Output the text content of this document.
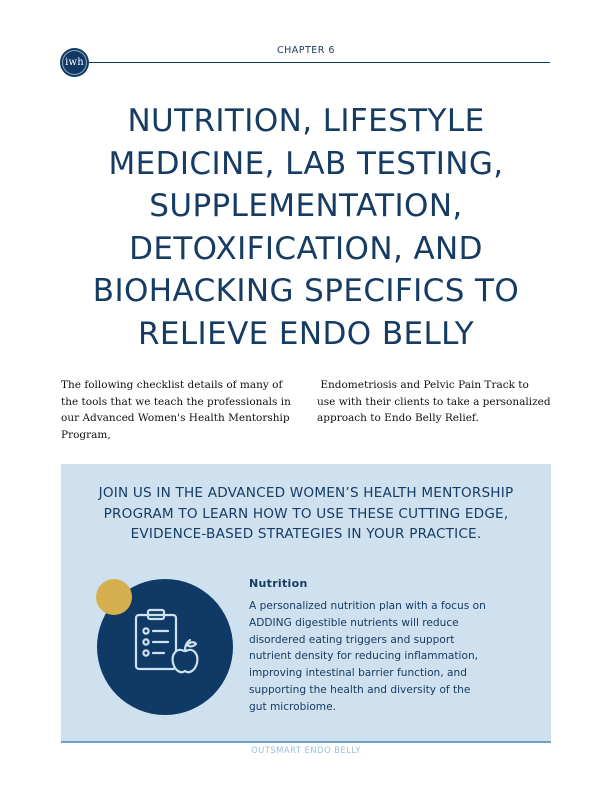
iwh
CHAPTER 6
NUTRITION, LIFESTYLE
MEDICINE, LAB TESTING,
SUPPLEMENTATION,
DETOXIFICATION, AND
BIOHACKING SPECIFICS TO
RELIEVE ENDO BELLY

The following checklist details of many of
the tools that we teach the professionals in
our Advanced Women's Health Mentorship
Program,

Endometriosis and Pelvic Pain Track to
use with their clients to take a personalized
approach to Endo Belly Relief.

JOIN US IN THE ADVANCED WOMEN’S HEALTH MENTORSHIP
PROGRAM TO LEARN HOW TO USE THESE CUTTING EDGE,
EVIDENCE-BASED STRATEGIES IN YOUR PRACTICE.

Nutrition

A personalized nutrition plan with a focus on
ADDING digestible nutrients will reduce
disordered eating triggers and support
nutrient density for reducing inflammation,
improving intestinal barrier function, and
supporting the health and diversity of the
gut microbiome.

OUTSMART ENDO BELLY
